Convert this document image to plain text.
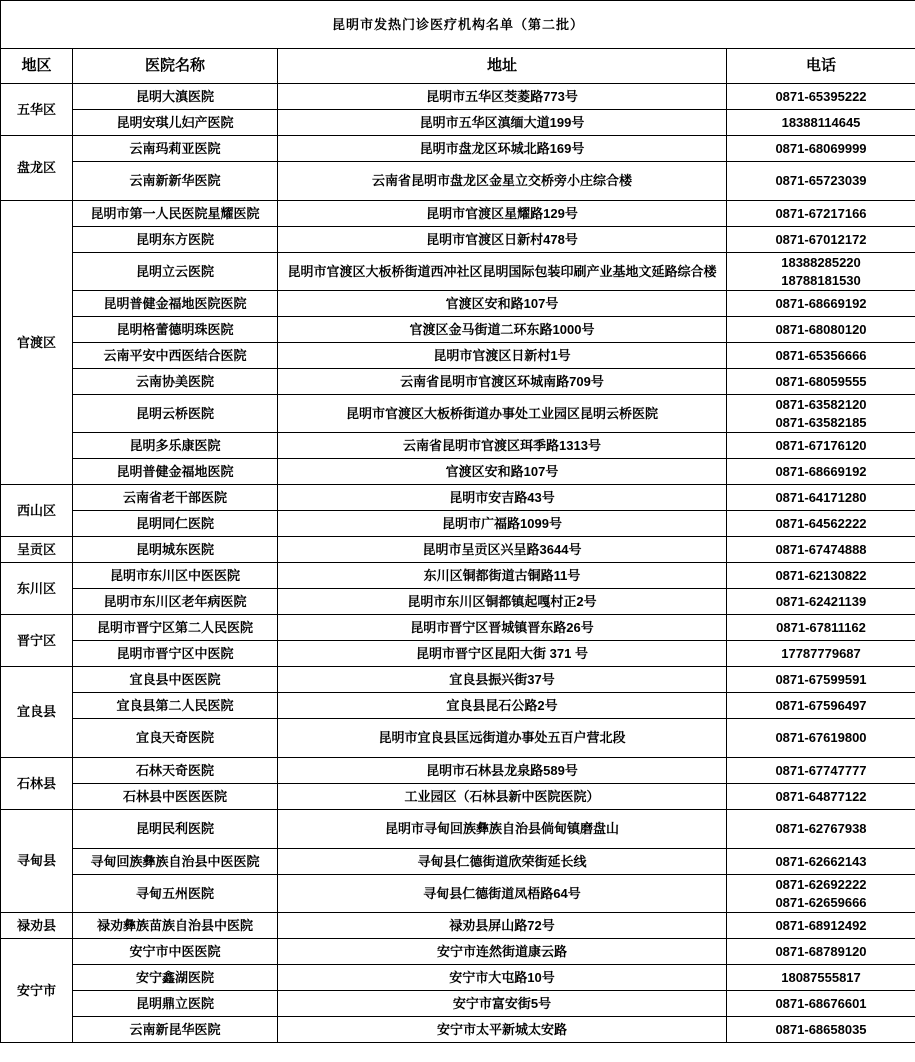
昆明市发热门诊医疗机构名单（第二批）			
地区	医院名称	地址	电话
五华区	昆明大滇医院	昆明市五华区茭菱路773号	0871-65395222

	昆明安琪儿妇产医院	昆明市五华区滇缅大道199号	18388114645

盘龙区	云南玛莉亚医院	昆明市盘龙区环城北路169号	0871-68069999

	云南新新华医院	云南省昆明市盘龙区金星立交桥旁小庄综合楼	0871-65723039

官渡区	昆明市第一人民医院星耀医院	昆明市官渡区星耀路129号	0871-67217166

	昆明东方医院	昆明市官渡区日新村478号	0871-67012172

	昆明立云医院	昆明市官渡区大板桥街道西冲社区昆明国际包装印刷产业基地文延路综合楼	18388285220
18788181530

	昆明普健金福地医院医院	官渡区安和路107号	0871-68669192

	昆明格蕾德明珠医院	官渡区金马街道二环东路1000号	0871-68080120

	云南平安中西医结合医院	昆明市官渡区日新村1号	0871-65356666

	云南协美医院	云南省昆明市官渡区环城南路709号	0871-68059555

	昆明云桥医院	昆明市官渡区大板桥街道办事处工业园区昆明云桥医院	0871-63582120
0871-63582185

	昆明多乐康医院	云南省昆明市官渡区珥季路1313号	0871-67176120

	昆明普健金福地医院	官渡区安和路107号	0871-68669192

西山区	云南省老干部医院	昆明市安吉路43号	0871-64171280

	昆明同仁医院	昆明市广福路1099号	0871-64562222

呈贡区	昆明城东医院	昆明市呈贡区兴呈路3644号	0871-67474888

东川区	昆明市东川区中医医院	东川区铜都街道古铜路11号	0871-62130822

	昆明市东川区老年病医院	昆明市东川区铜都镇起嘎村正2号	0871-62421139

晋宁区	昆明市晋宁区第二人民医院	昆明市晋宁区晋城镇晋东路26号	0871-67811162

	昆明市晋宁区中医院	昆明市晋宁区昆阳大街 371 号	17787779687

宜良县	宜良县中医医院	宜良县振兴街37号	0871-67599591

	宜良县第二人民医院	宜良县昆石公路2号	0871-67596497

	宜良天奇医院	昆明市宜良县匡远街道办事处五百户营北段	0871-67619800

石林县	石林天奇医院	昆明市石林县龙泉路589号	0871-67747777

	石林县中医医医院	工业园区（石林县新中医院医院）	0871-64877122

寻甸县	昆明民利医院	昆明市寻甸回族彝族自治县倘甸镇磨盘山	0871-62767938

	寻甸回族彝族自治县中医医院	寻甸县仁德街道欣荣街延长线	0871-62662143

	寻甸五州医院	寻甸县仁德街道凤梧路64号	0871-62692222
0871-62659666

禄劝县	禄劝彝族苗族自治县中医院	禄劝县屏山路72号	0871-68912492

安宁市	安宁市中医医院	安宁市连然街道康云路	0871-68789120

	安宁鑫湖医院	安宁市大屯路10号	18087555817

	昆明鼎立医院	安宁市富安街5号	0871-68676601

	云南新昆华医院	安宁市太平新城太安路	0871-68658035
